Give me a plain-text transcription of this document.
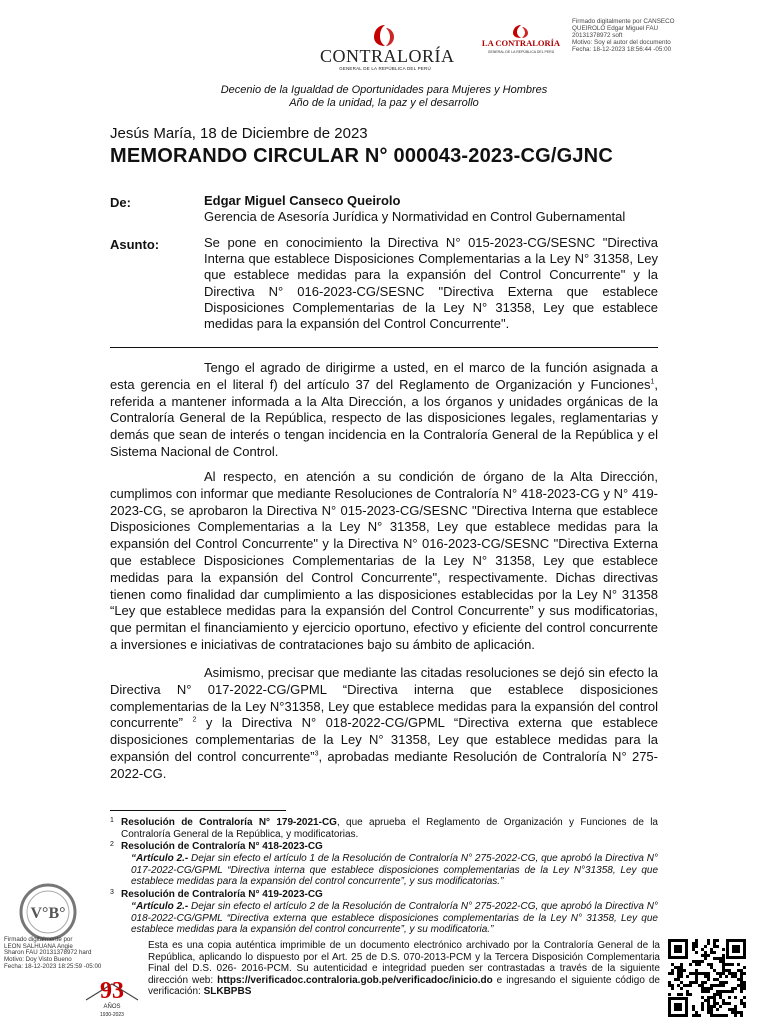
CONTRALORÍA
GENERAL DE LA REPÚBLICA DEL PERÚ
LA CONTRALORÍA
GENERAL DE LA REPÚBLICA DEL PERÚ
Firmado digitalmente por CANSECO
QUEIROLO Edgar Miguel FAU
20131378972 soft
Motivo: Soy el autor del documento
Fecha: 18-12-2023 18:56:44 -05:00
Decenio de la Igualdad de Oportunidades para Mujeres y Hombres
Año de la unidad, la paz y el desarrollo
Jesús María, 18 de Diciembre de 2023
MEMORANDO CIRCULAR N° 000043-2023-CG/GJNC
De:	Edgar Miguel Canseco Queirolo
Gerencia de Asesoría Jurídica y Normatividad en Control Gubernamental
Asunto:	Se pone en conocimiento la Directiva N° 015-2023-CG/SESNC "Directiva Interna que establece Disposiciones Complementarias a la Ley N° 31358, Ley que establece medidas para la expansión del Control Concurrente" y la Directiva N° 016-2023-CG/SESNC "Directiva Externa que establece Disposiciones Complementarias de la Ley N° 31358, Ley que establece medidas para la expansión del Control Concurrente".
Tengo el agrado de dirigirme a usted, en el marco de la función asignada a esta gerencia en el literal f) del artículo 37 del Reglamento de Organización y Funciones$^1$, referida a mantener informada a la Alta Dirección, a los órganos y unidades orgánicas de la Contraloría General de la República, respecto de las disposiciones legales, reglamentarias y demás que sean de interés o tengan incidencia en la Contraloría General de la República y el Sistema Nacional de Control.
Al respecto, en atención a su condición de órgano de la Alta Dirección, cumplimos con informar que mediante Resoluciones de Contraloría N° 418-2023-CG y N° 419-2023-CG, se aprobaron la Directiva N° 015-2023-CG/SESNC "Directiva Interna que establece Disposiciones Complementarias a la Ley N° 31358, Ley que establece medidas para la expansión del Control Concurrente" y la Directiva N° 016-2023-CG/SESNC "Directiva Externa que establece Disposiciones Complementarias de la Ley N° 31358, Ley que establece medidas para la expansión del Control Concurrente", respectivamente. Dichas directivas tienen como finalidad dar cumplimiento a las disposiciones establecidas por la Ley N° 31358 “Ley que establece medidas para la expansión del Control Concurrente” y sus modificatorias, que permitan el financiamiento y ejercicio oportuno, efectivo y eficiente del control concurrente a inversiones e iniciativas de contrataciones bajo su ámbito de aplicación.
Asimismo, precisar que mediante las citadas resoluciones se dejó sin efecto la Directiva N° 017-2022-CG/GPML “Directiva interna que establece disposiciones complementarias de la Ley N°31358, Ley que establece medidas para la expansión del control concurrente” $^2$ y la Directiva N° 018-2022-CG/GPML “Directiva externa que establece disposiciones complementarias de la Ley N° 31358, Ley que establece medidas para la expansión del control concurrente”$^3$, aprobadas mediante Resolución de Contraloría N° 275-2022-CG.
1 Resolución de Contraloría N° 179-2021-CG, que aprueba el Reglamento de Organización y Funciones de la Contraloría General de la República, y modificatorias.
2 Resolución de Contraloría N° 418-2023-CG
“Artículo 2.- Dejar sin efecto el artículo 1 de la Resolución de Contraloría N° 275-2022-CG, que aprobó la Directiva N° 017-2022-CG/GPML “Directiva interna que establece disposiciones complementarias de la Ley N°31358, Ley que establece medidas para la expansión del control concurrente”, y sus modificatorias.”
3 Resolución de Contraloría N° 419-2023-CG
“Artículo 2.- Dejar sin efecto el artículo 2 de la Resolución de Contraloría N° 275-2022-CG, que aprobó la Directiva N° 018-2022-CG/GPML “Directiva externa que establece disposiciones complementarias de la Ley N° 31358, Ley que establece medidas para la expansión del control concurrente”, y su modificatoria.”
V°B°
Firmado digitalmente por
LEON SALHUANA Angie
Sharon FAU 20131378972 hard
Motivo: Doy Visto Bueno
Fecha: 18-12-2023 18:25:59 -05:00
93
AÑOS
1930-2023
Esta es una copia auténtica imprimible de un documento electrónico archivado por la Contraloría General de la República, aplicando lo dispuesto por el Art. 25 de D.S. 070-2013-PCM y la Tercera Disposición Complementaria Final del D.S. 026- 2016-PCM. Su autenticidad e integridad pueden ser contrastadas a través de la siguiente dirección web: https://verificadoc.contraloria.gob.pe/verificadoc/inicio.do e ingresando el siguiente código de verificación: SLKBPBS
